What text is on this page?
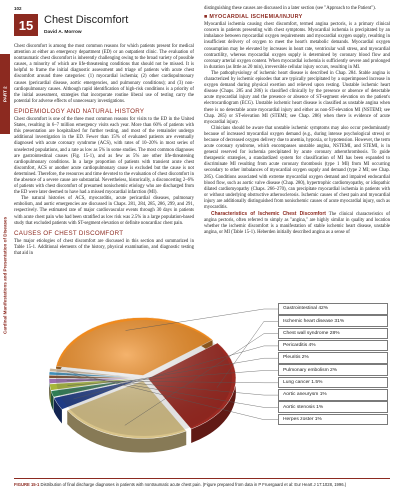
102
PART 2
Cardinal Manifestations and Presentation of Diseases
15 Chest Discomfort
David A. Morrow

Chest discomfort is among the most common reasons for which patients present for medical attention at either an emergency department (ED) or an outpatient clinic. The evaluation of nontraumatic chest discomfort is inherently challenging owing to the broad variety of possible causes, a minority of which are life-threatening conditions that should not be missed. It is helpful to frame the initial diagnostic assessment and triage of patients with acute chest discomfort around three categories: (1) myocardial ischemia; (2) other cardiopulmonary causes (pericardial disease, aortic emergencies, and pulmonary conditions); and (3) non-cardiopulmonary causes. Although rapid identification of high-risk conditions is a priority of the initial assessment, strategies that incorporate routine liberal use of testing carry the potential for adverse effects of unnecessary investigations.

EPIDEMIOLOGY AND NATURAL HISTORY

Chest discomfort is one of the three most common reasons for visits to the ED in the United States, resulting in 6–7 million emergency visits each year. More than 60% of patients with this presentation are hospitalized for further testing, and most of the remainder undergo additional investigation in the ED. Fewer than 15% of evaluated patients are eventually diagnosed with acute coronary syndrome (ACS), with rates of 10–20% in most series of unselected populations, and a rate as low as 5% in some studies. The most common diagnoses are gastrointestinal causes (Fig. 15-1), and as few as 5% are other life-threatening cardiopulmonary conditions. In a large proportion of patients with transient acute chest discomfort, ACS or another acute cardiopulmonary cause is excluded but the cause is not determined. Therefore, the resources and time devoted to the evaluation of chest discomfort in the absence of a severe cause are substantial. Nevertheless, historically, a disconcerting 2–6% of patients with chest discomfort of presumed nonischemic etiology who are discharged from the ED were later deemed to have had a missed myocardial infarction (MI).

The natural histories of ACS, myocarditis, acute pericardial diseases, pulmonary embolism, and aortic emergencies are discussed in Chaps. 281, 284, 285, 286, 299, and 291, respectively. The estimated rate of major cardiovascular events through 30 days in patients with acute chest pain who had been stratified as low risk was 2.5% in a large population-based study that excluded patients with ST-segment elevation or definite noncardiac chest pain.

CAUSES OF CHEST DISCOMFORT

The major etiologies of chest discomfort are discussed in this section and summarized in Table 15-1. Additional elements of the history, physical examination, and diagnostic testing that aid in

distinguishing these causes are discussed in a later section (see "Approach to the Patient").

■ MYOCARDIAL ISCHEMIA/INJURY

Myocardial ischemia causing chest discomfort, termed angina pectoris, is a primary clinical concern in patients presenting with chest symptoms. Myocardial ischemia is precipitated by an imbalance between myocardial oxygen requirements and myocardial oxygen supply, resulting in insufficient delivery of oxygen to meet the heart's metabolic demands. Myocardial oxygen consumption may be elevated by increases in heart rate, ventricular wall stress, and myocardial contractility, whereas myocardial oxygen supply is determined by coronary blood flow and coronary arterial oxygen content. When myocardial ischemia is sufficiently severe and prolonged in duration (as little as 20 min), irreversible cellular injury occurs, resulting in MI.

The pathophysiology of ischemic heart disease is described in Chap. 284. Stable angina is characterized by ischemic episodes that are typically precipitated by a superimposed increase in oxygen demand during physical exertion and relieved upon resting. Unstable ischemic heart disease (Chaps. 285 and 286) is classified clinically by the presence or absence of detectable acute myocardial injury and the presence or absence of ST-segment elevation on the patient's electrocardiogram (ECG). Unstable ischemic heart disease is classified as unstable angina when there is no detectable acute myocardial injury and either as non-ST-elevation MI (NSTEMI; see Chap. 285) or ST-elevation MI (STEMI; see Chap. 286) when there is evidence of acute myocardial injury.

Clinicians should be aware that unstable ischemic symptoms may also occur predominantly because of increased myocardial oxygen demand (e.g., during intense psychological stress) or because of decreased oxygen delivery due to anemia, hypoxia, or hypotension. However, the term acute coronary syndrome, which encompasses unstable angina, NSTEMI, and STEMI, is in general reserved for ischemia precipitated by acute coronary atherothrombosis. To guide therapeutic strategies, a standardized system for classification of MI has been expanded to discriminate MI resulting from acute coronary thrombosis (type 1 MI) from MI occurring secondary to other imbalances of myocardial oxygen supply and demand (type 2 MI; see Chap. 285). Conditions associated with extreme myocardial oxygen demand and impaired endocardial blood flow, such as aortic valve disease (Chap. 280), hypertrophic cardiomyopathy, or idiopathic dilated cardiomyopathy (Chaps. 266–270), can precipitate myocardial ischemia in patients with or without underlying obstructive atherosclerosis. Ischemic causes of chest pain and myocardial injury are additionally distinguished from nonischemic causes of acute myocardial injury, such as myocarditis.

Characteristics of Ischemic Chest Discomfort The clinical characteristics of angina pectoris, often referred to simply as "angina," are highly similar in quality and location whether the ischemic discomfort is a manifestation of stable ischemic heart disease, unstable angina, or MI (Table 15-1). Heberden initially described angina as a sense of

Gastrointestinal 42%
Ischemic heart disease 31%
Chest wall syndrome 28%
Pericarditis 4%
Pleuritis 2%
Pulmonary embolism 2%
Lung cancer 1.5%
Aortic aneurysm 1%
Aortic stenosis 1%
Herpes zoster 1%
FIGURE 15-1 Distribution of final discharge diagnoses in patients with nontraumatic acute chest pain. (Figure prepared from data in P Fruergaard et al: Eur Heart J 17:1028, 1996.)
